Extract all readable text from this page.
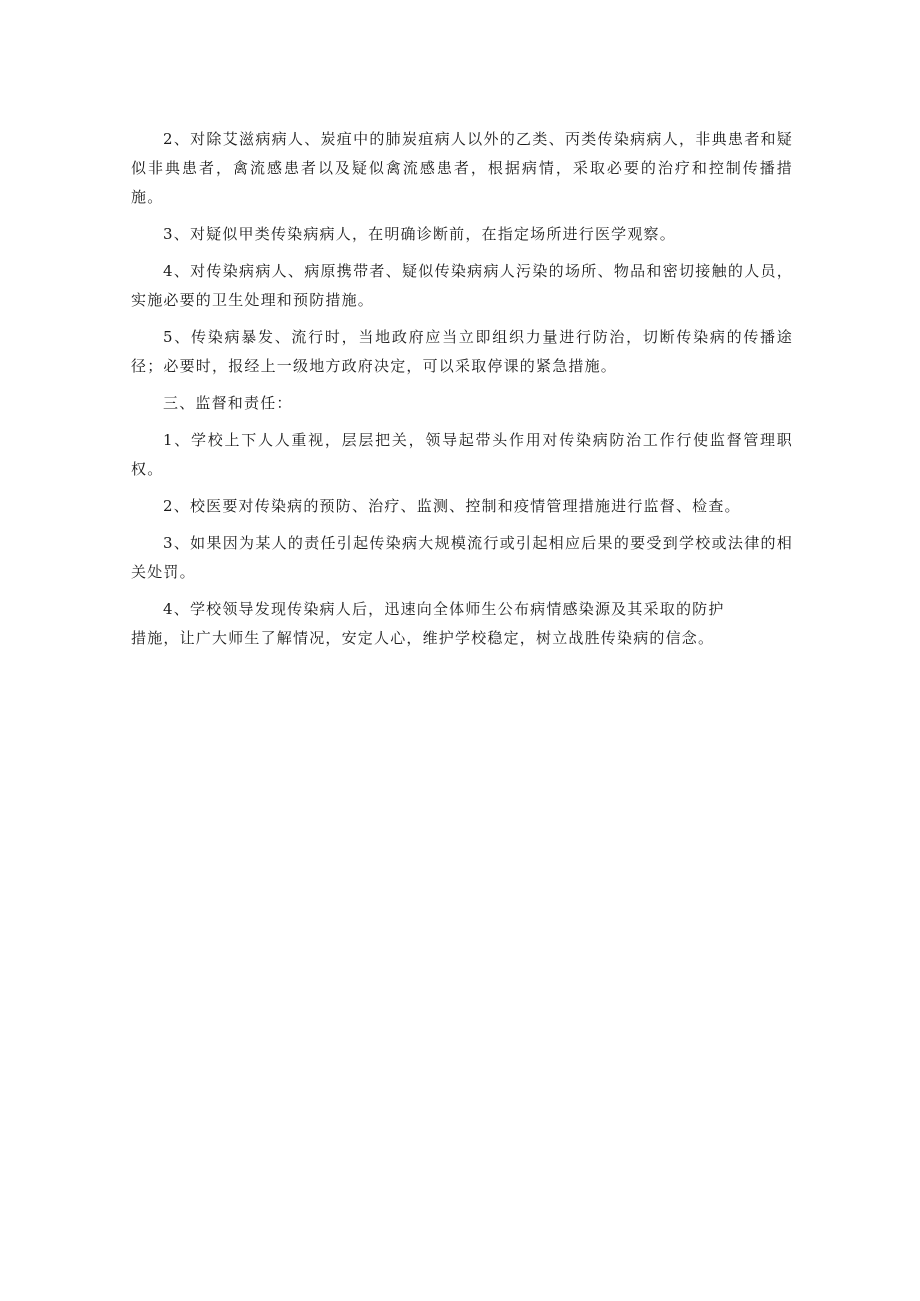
2、对除艾滋病病人、炭疽中的肺炭疽病人以外的乙类、丙类传染病病人，非典患者和疑似非典患者，禽流感患者以及疑似禽流感患者，根据病情，采取必要的治疗和控制传播措施。

3、对疑似甲类传染病病人，在明确诊断前，在指定场所进行医学观察。

4、对传染病病人、病原携带者、疑似传染病病人污染的场所、物品和密切接触的人员，实施必要的卫生处理和预防措施。

5、传染病暴发、流行时，当地政府应当立即组织力量进行防治，切断传染病的传播途径；必要时，报经上一级地方政府决定，可以采取停课的紧急措施。

三、监督和责任：

1、学校上下人人重视，层层把关，领导起带头作用对传染病防治工作行使监督管理职权。

2、校医要对传染病的预防、治疗、监测、控制和疫情管理措施进行监督、检查。

3、如果因为某人的责任引起传染病大规模流行或引起相应后果的要受到学校或法律的相关处罚。

4、学校领导发现传染病人后，迅速向全体师生公布病情感染源及其采取的防护

措施，让广大师生了解情况，安定人心，维护学校稳定，树立战胜传染病的信念。
